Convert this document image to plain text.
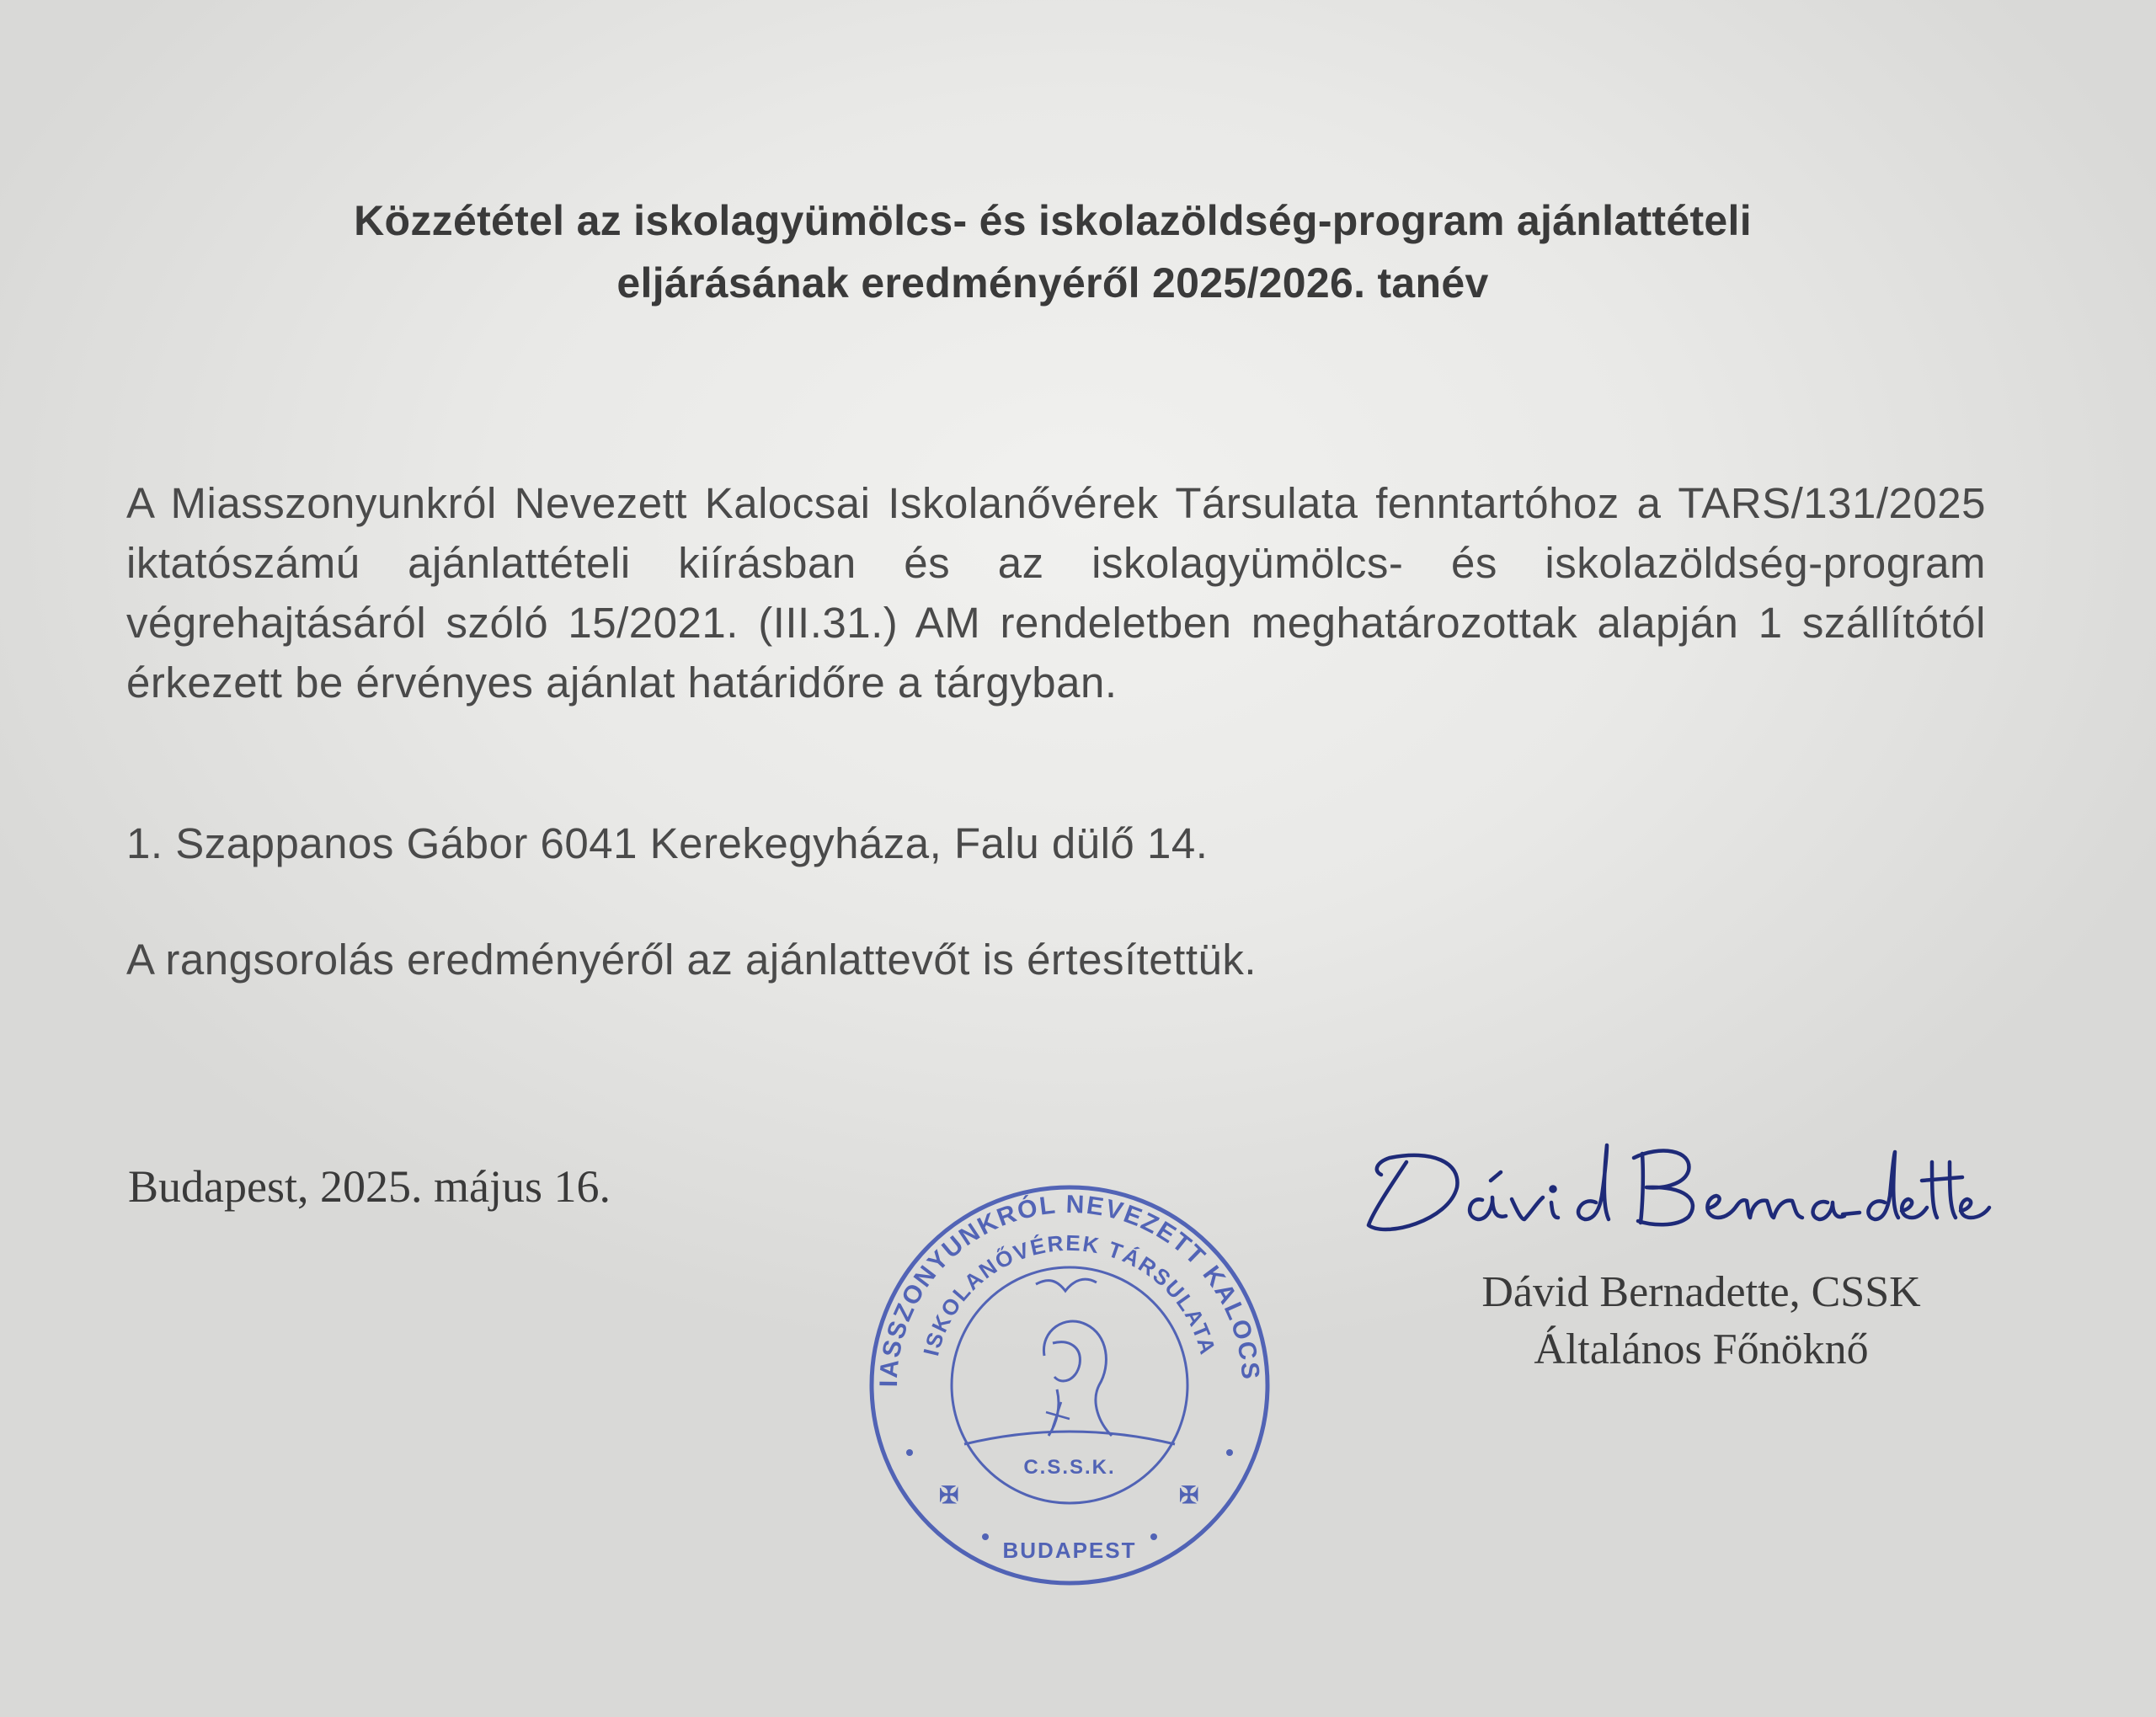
Közzététel az iskolagyümölcs- és iskolazöldség-program ajánlattételi
eljárásának eredményéről 2025/2026. tanév
A Miasszonyunkról Nevezett Kalocsai Iskolanővérek Társulata fenntartóhoz a TARS/131/2025 iktatószámú ajánlattételi kiírásban és az iskolagyümölcs- és iskolazöldség-program végrehajtásáról szóló 15/2021. (III.31.) AM rendeletben meghatározottak alapján 1 szállítótól érkezett be érvényes ajánlat határidőre a tárgyban.
1. Szappanos Gábor 6041 Kerekegyháza, Falu dülő 14.
A rangsorolás eredményéről az ajánlattevőt is értesítettük.
Budapest, 2025. május 16.
Dávid Bernadette, CSSK
Általános Főnöknő
IASSZONYUNKRÓL NEVEZETT KALOCS
ISKOLANŐVÉREK TÁRSULATA
C.S.S.K.
BUDAPEST
✠	✠
